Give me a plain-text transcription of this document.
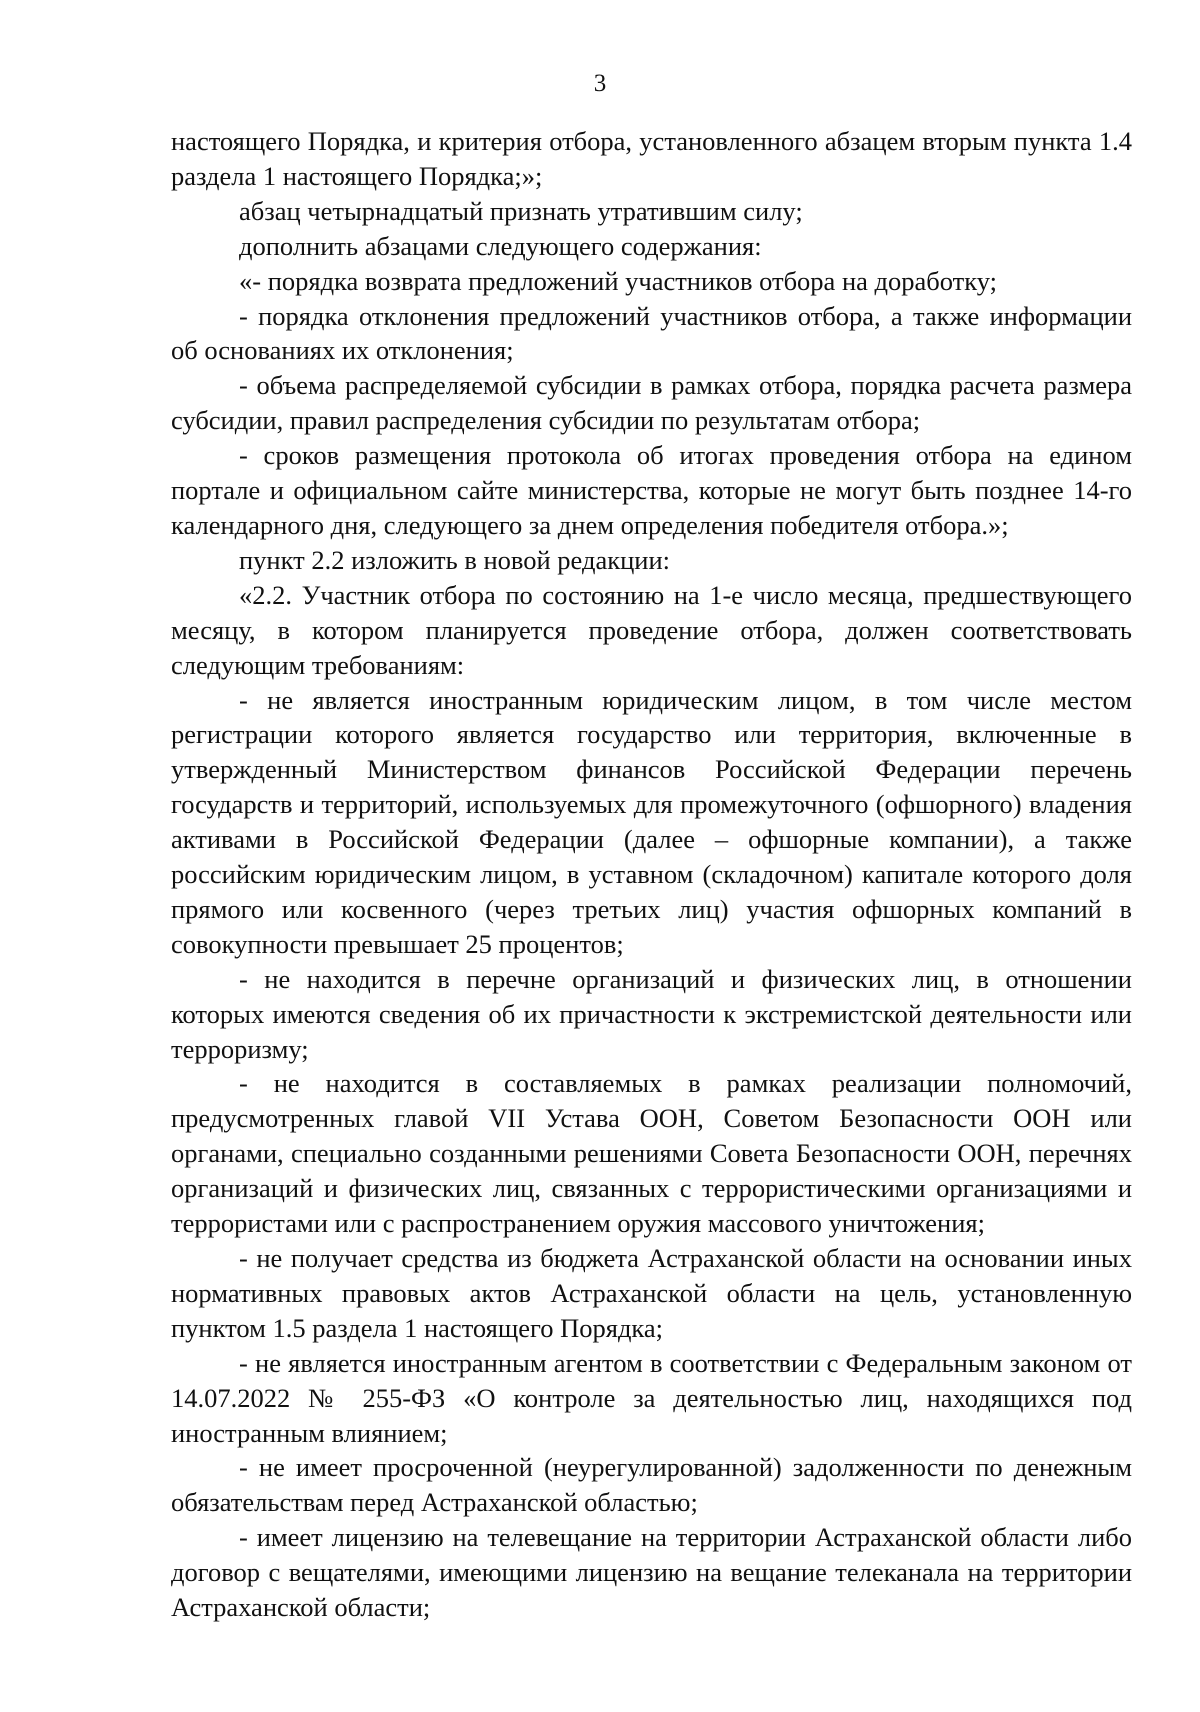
3

настоящего Порядка, и критерия отбора, установленного абзацем вторым пункта 1.4 раздела 1 настоящего Порядка;»;

абзац четырнадцатый признать утратившим силу;

дополнить абзацами следующего содержания:

«- порядка возврата предложений участников отбора на доработку;

- порядка отклонения предложений участников отбора, а также информации об основаниях их отклонения;

- объема распределяемой субсидии в рамках отбора, порядка расчета размера субсидии, правил распределения субсидии по результатам отбора;

- сроков размещения протокола об итогах проведения отбора на едином портале и официальном сайте министерства, которые не могут быть позднее 14-го календарного дня, следующего за днем определения победителя отбора.»;

пункт 2.2 изложить в новой редакции:

«2.2. Участник отбора по состоянию на 1-е число месяца, предшествующего месяцу, в котором планируется проведение отбора, должен соответствовать следующим требованиям:

- не является иностранным юридическим лицом, в том числе местом регистрации которого является государство или территория, включенные в утвержденный Министерством финансов Российской Федерации перечень государств и территорий, используемых для промежуточного (офшорного) владения активами в Российской Федерации (далее – офшорные компании), а также российским юридическим лицом, в уставном (складочном) капитале которого доля прямого или косвенного (через третьих лиц) участия офшорных компаний в совокупности превышает 25 процентов;

- не находится в перечне организаций и физических лиц, в отношении которых имеются сведения об их причастности к экстремистской деятельности или терроризму;

- не находится в составляемых в рамках реализации полномочий, предусмотренных главой VII Устава ООН, Советом Безопасности ООН или органами, специально созданными решениями Совета Безопасности ООН, перечнях организаций и физических лиц, связанных с террористическими организациями и террористами или с распространением оружия массового уничтожения;

- не получает средства из бюджета Астраханской области на основании иных нормативных правовых актов Астраханской области на цель, установленную пунктом 1.5 раздела 1 настоящего Порядка;

- не является иностранным агентом в соответствии с Федеральным законом от 14.07.2022 № 255-ФЗ «О контроле за деятельностью лиц, находящихся под иностранным влиянием;

- не имеет просроченной (неурегулированной) задолженности по денежным обязательствам перед Астраханской областью;

- имеет лицензию на телевещание на территории Астраханской области либо договор с вещателями, имеющими лицензию на вещание телеканала на территории Астраханской области;
